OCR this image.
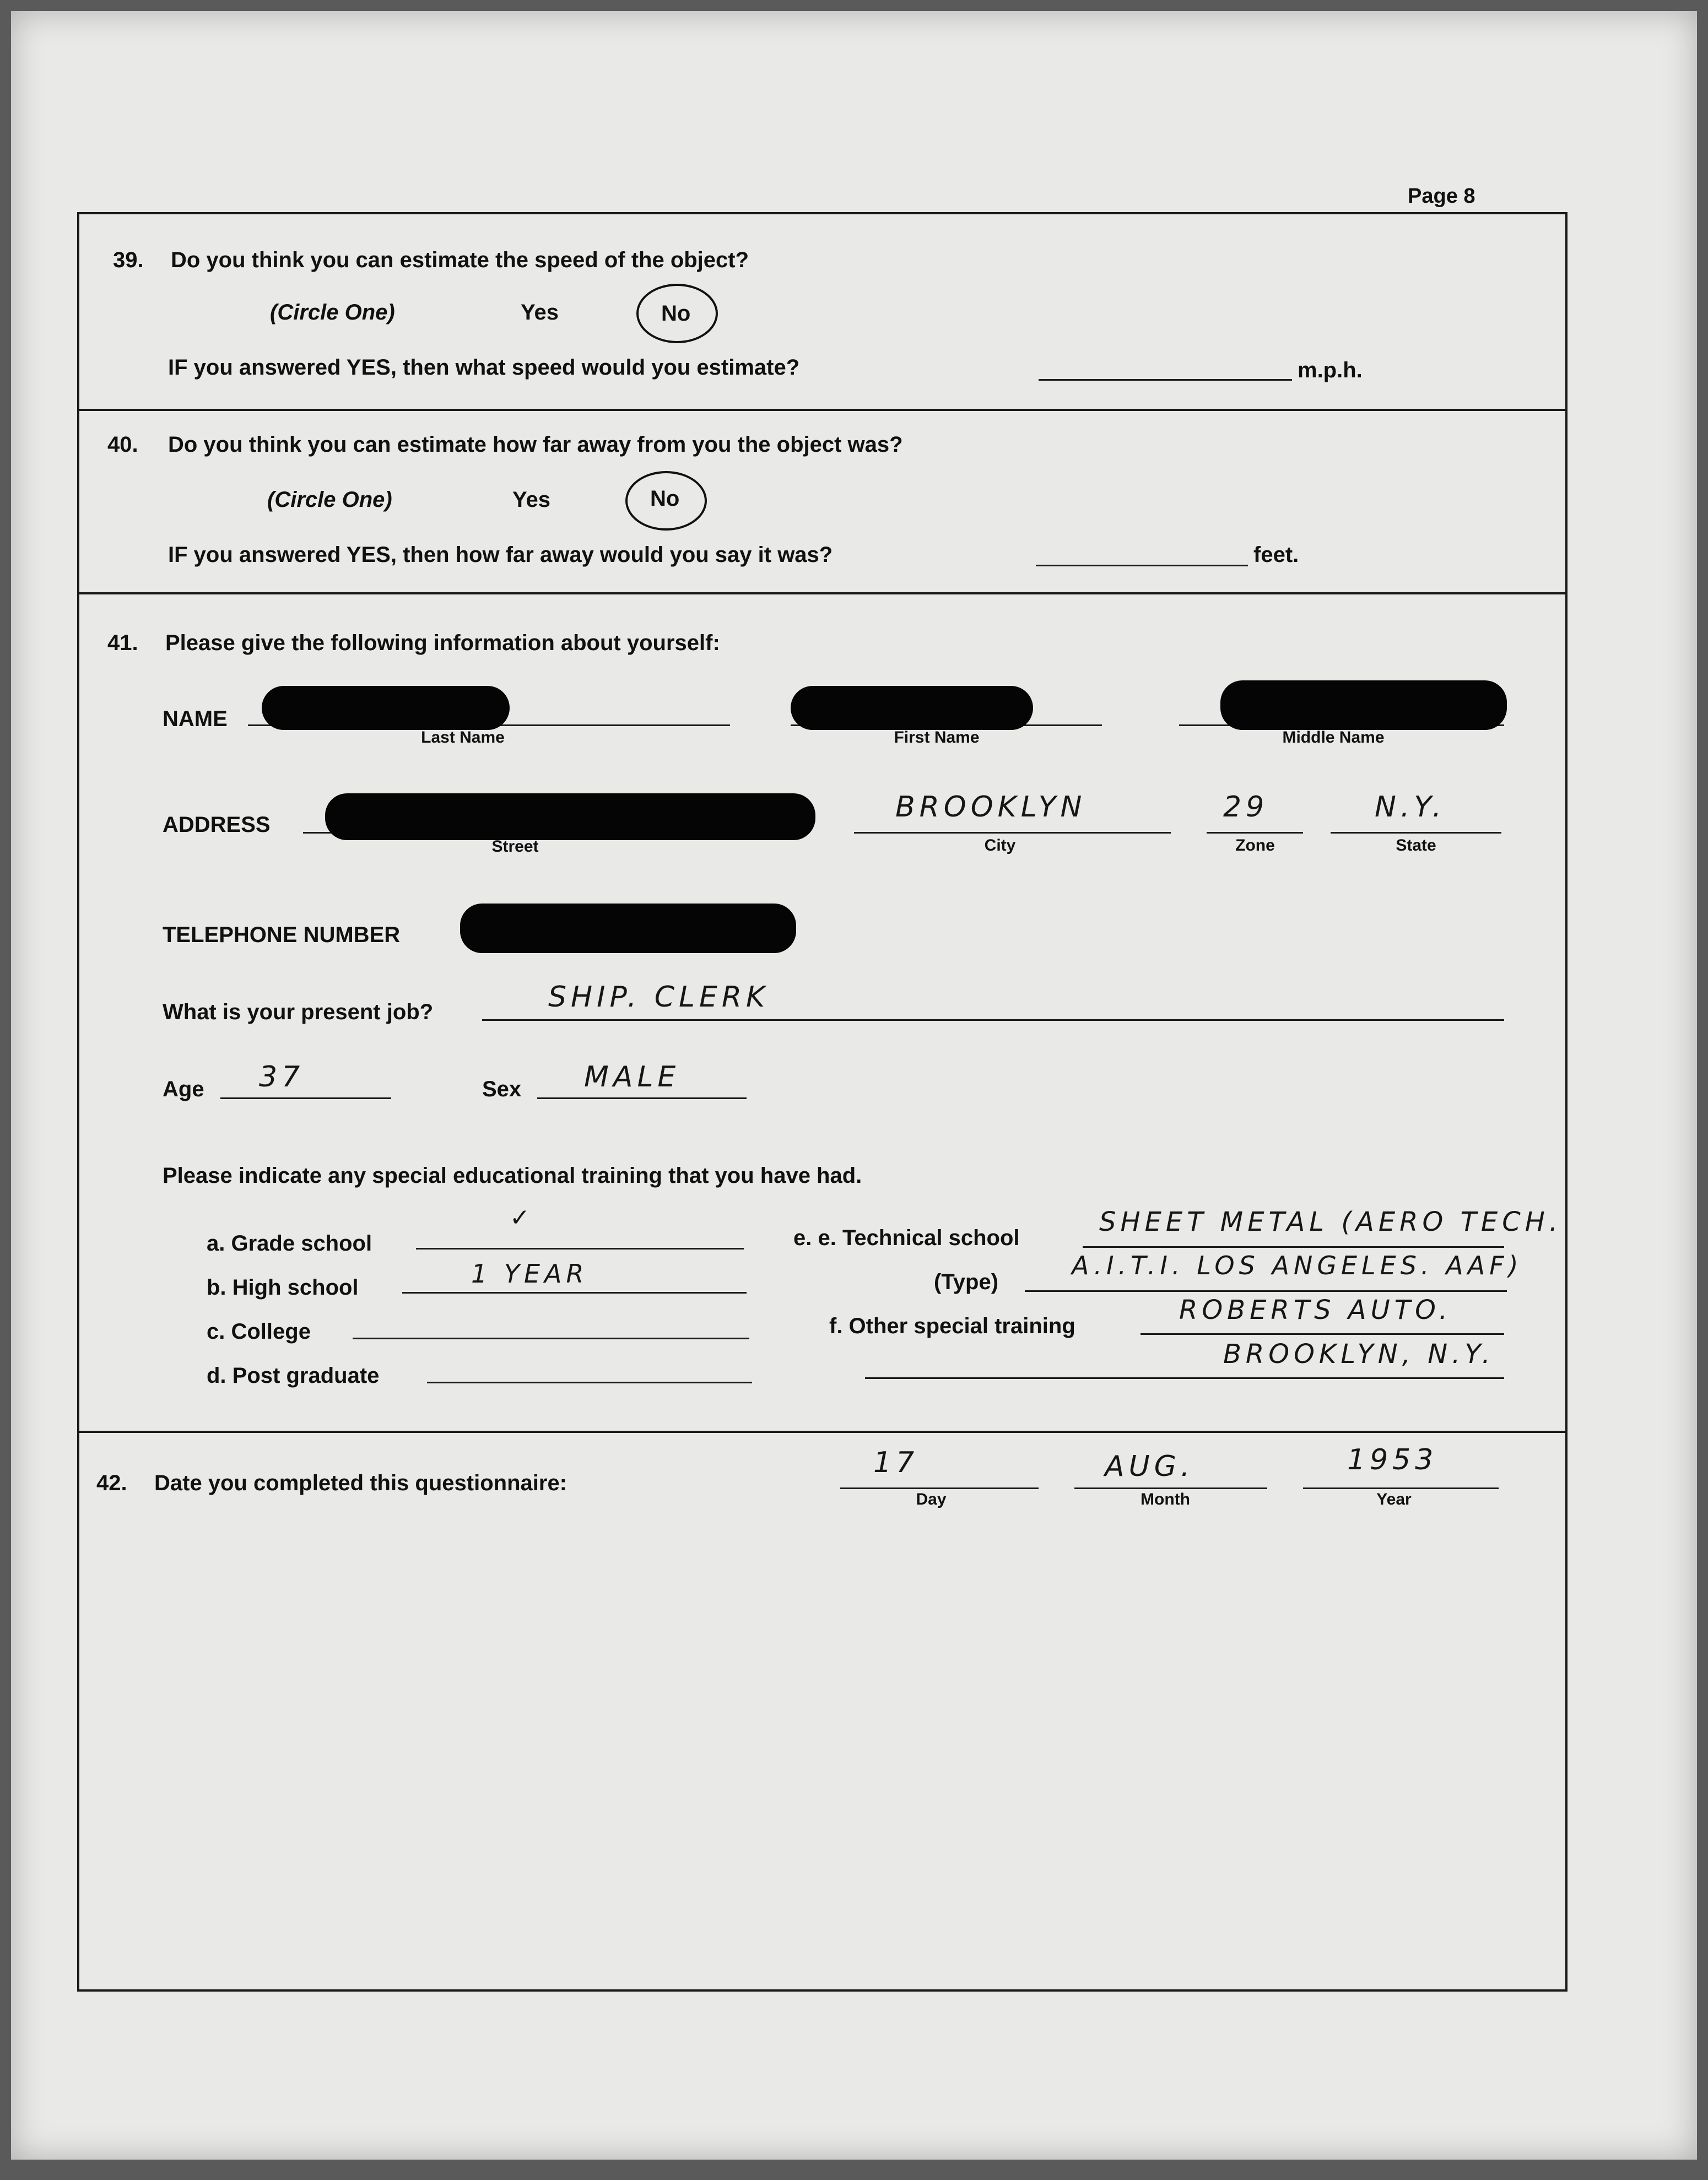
Page 8
39. Do you think you can estimate the speed of the object?
(Circle One)	Yes	No
IF you answered YES, then what speed would you estimate?	m.p.h.
40. Do you think you can estimate how far away from you the object was?
(Circle One)	Yes	No
IF you answered YES, then how far away would you say it was?	feet.
41. Please give the following information about yourself:
NAME
Last Name	First Name	Middle Name
ADDRESS
Street
BROOKLYN
City
29
Zone
N.Y.
State
TELEPHONE NUMBER
What is your present job?	SHIP. CLERK
Age 37	Sex MALE
Please indicate any special educational training that you have had.
a. Grade school
✓
b. High school	1 YEAR
c. College
d. Post graduate
e. e. Technical school
SHEET METAL (AERO TECH.
(Type)
A.I.T.I. LOS ANGELES. AAF)
f. Other special training
ROBERTS AUTO.
BROOKLYN, N.Y.
42. Date you completed this questionnaire:
17
Day
AUG.
Month
1953
Year
